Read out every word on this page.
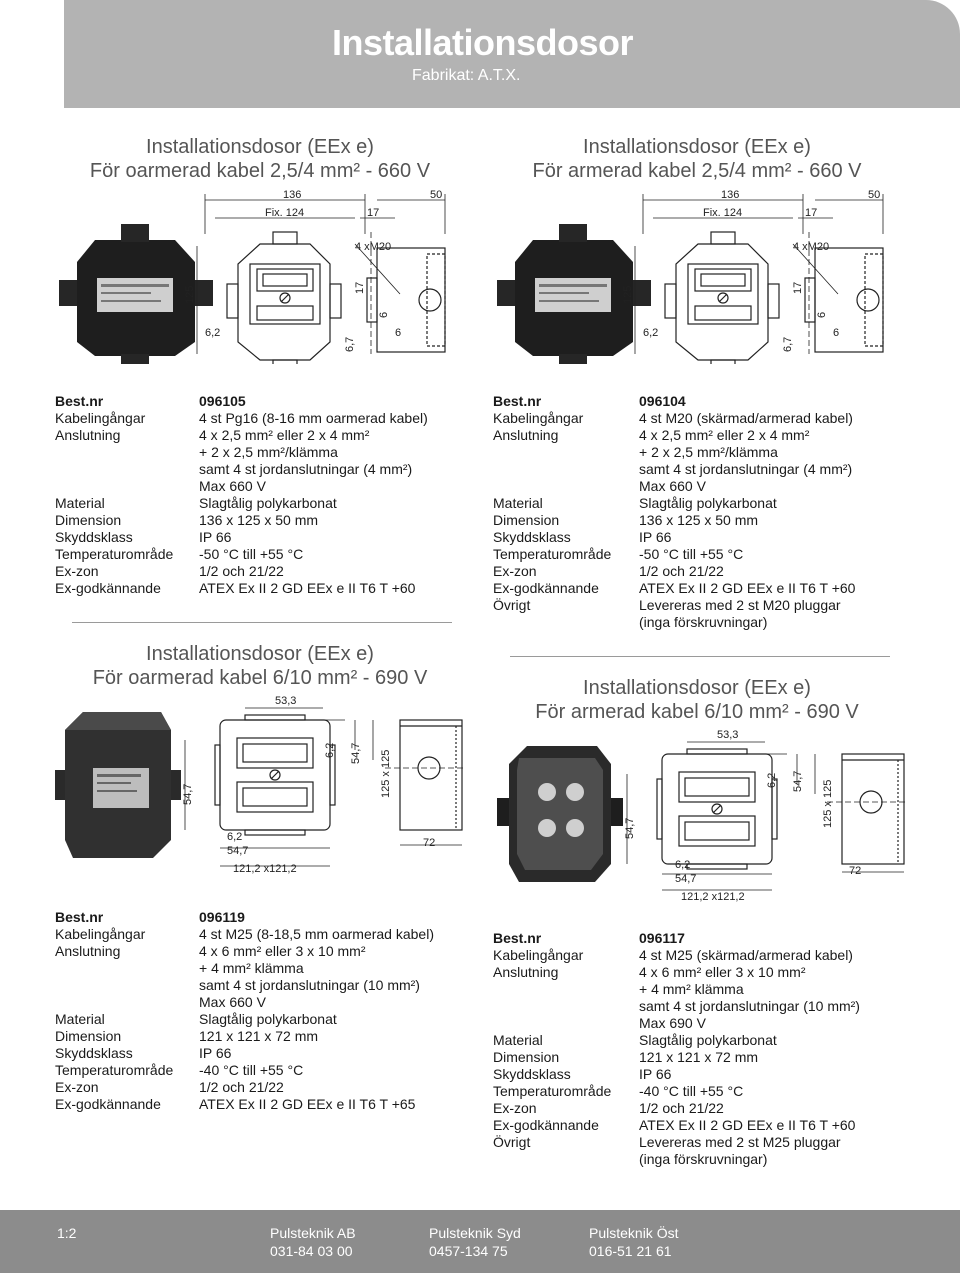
Installationsdosor
Fabrikat: A.T.X.
Installationsdosor (EEx e)
För oarmerad kabel 2,5/4 mm² - 660 V
Installationsdosor (EEx e)
För armerad kabel 2,5/4 mm² - 660 V
136
Fix. 124	17
50
4 xM20
125
6,2
6,7
17
6
6
136
Fix. 124	17
50
4 xM20
125
6,2
6,7
17
6
6
Best.nr	096105
Kabelingångar	4 st Pg16 (8-16 mm oarmerad kabel)
Anslutning	4 x 2,5 mm² eller 2 x 4 mm²
+ 2 x 2,5 mm²/klämma
samt 4 st jordanslutningar (4 mm²)
Max 660 V
Material	Slagtålig polykarbonat
Dimension	136 x 125 x 50 mm
Skyddsklass	IP 66
Temperaturområde	-50 °C till +55 °C
Ex-zon	1/2 och 21/22
Ex-godkännande	ATEX Ex II 2 GD EEx e II T6 T +60
Best.nr	096104
Kabelingångar	4 st M20 (skärmad/armerad kabel)
Anslutning	4 x 2,5 mm² eller 2 x 4 mm²
+ 2 x 2,5 mm²/klämma
samt 4 st jordanslutningar (4 mm²)
Max 660 V
Material	Slagtålig polykarbonat
Dimension	136 x 125 x 50 mm
Skyddsklass	IP 66
Temperaturområde	-50 °C till +55 °C
Ex-zon	1/2 och 21/22
Ex-godkännande	ATEX Ex II 2 GD EEx e II T6 T +60
Övrigt	Levereras med 2 st M20 pluggar
(inga förskruvningar)
Installationsdosor (EEx e)
För oarmerad kabel 6/10 mm² - 690 V	Installationsdosor (EEx e)
För armerad kabel 6/10 mm² - 690 V
53,3
6,2 54,7 125 x 125
54,7
6,2
54,7
121,2 x121,2
72
53,3
6,2 54,7 125 x 125
54,7
6,2
54,7
121,2 x121,2
72
Best.nr	096119
Kabelingångar	4 st M25 (8-18,5 mm oarmerad kabel)
Anslutning	4 x 6 mm² eller 3 x 10 mm²
+ 4 mm² klämma
samt 4 st jordanslutningar (10 mm²)
Max 660 V
Material	Slagtålig polykarbonat
Dimension	121 x 121 x 72 mm
Skyddsklass	IP 66
Temperaturområde	-40 °C till +55 °C
Ex-zon	1/2 och 21/22
Ex-godkännande	ATEX Ex II 2 GD EEx e II T6 T +65
Best.nr	096117
Kabelingångar	4 st M25 (skärmad/armerad kabel)
Anslutning	4 x 6 mm² eller 3 x 10 mm²
+ 4 mm² klämma
samt 4 st jordanslutningar (10 mm²)
Max 690 V
Material	Slagtålig polykarbonat
Dimension	121 x 121 x 72 mm
Skyddsklass	IP 66
Temperaturområde	-40 °C till +55 °C
Ex-zon	1/2 och 21/22
Ex-godkännande	ATEX Ex II 2 GD EEx e II T6 T +60
Övrigt	Levereras med 2 st M25 pluggar
(inga förskruvningar)
1:2	Pulsteknik AB
031-84 03 00
Pulsteknik Syd
0457-134 75
Pulsteknik Öst
016-51 21 61
